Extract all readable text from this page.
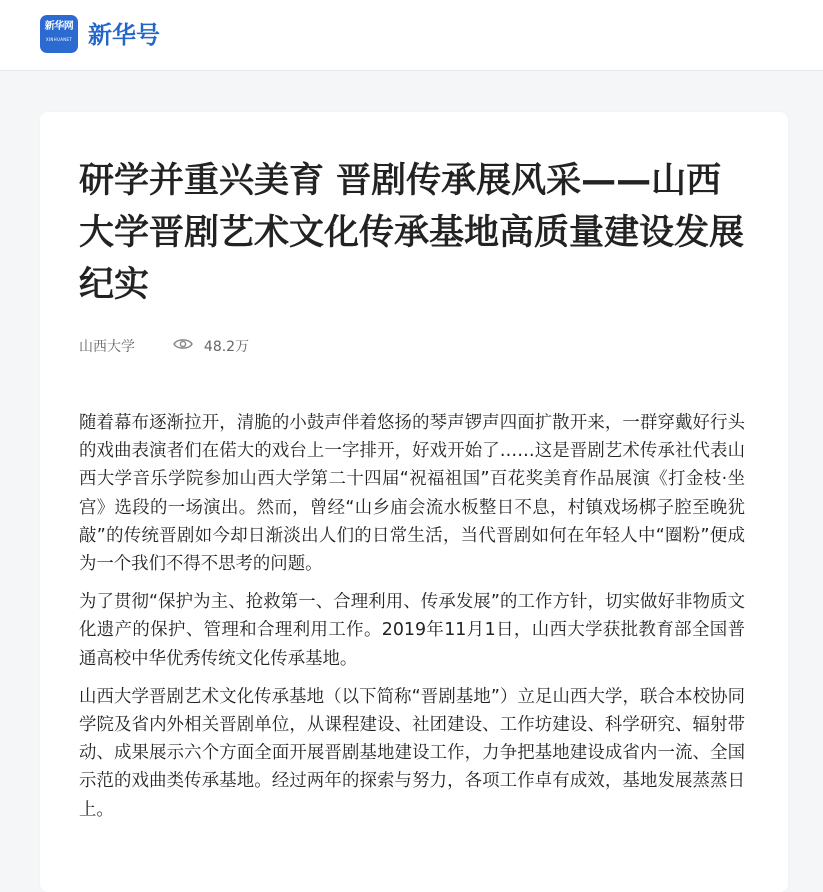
新华网
XINHUANET 新华号
研学并重兴美育 晋剧传承展风采——山西大学晋剧艺术文化传承基地高质量建设发展纪实
山西大学	48.2万

随着幕布逐渐拉开，清脆的小鼓声伴着悠扬的琴声锣声四面扩散开来，一群穿戴好行头的戏曲表演者们在偌大的戏台上一字排开，好戏开始了……这是晋剧艺术传承社代表山西大学音乐学院参加山西大学第二十四届“祝福祖国”百花奖美育作品展演《打金枝·坐宫》选段的一场演出。然而，曾经“山乡庙会流水板整日不息，村镇戏场梆子腔至晚犹敲”的传统晋剧如今却日渐淡出人们的日常生活，当代晋剧如何在年轻人中“圈粉”便成为一个我们不得不思考的问题。

为了贯彻“保护为主、抢救第一、合理利用、传承发展”的工作方针，切实做好非物质文化遗产的保护、管理和合理利用工作。2019年11月1日，山西大学获批教育部全国普通高校中华优秀传统文化传承基地。

山西大学晋剧艺术文化传承基地（以下简称“晋剧基地”）立足山西大学，联合本校协同学院及省内外相关晋剧单位，从课程建设、社团建设、工作坊建设、科学研究、辐射带动、成果展示六个方面全面开展晋剧基地建设工作，力争把基地建设成省内一流、全国示范的戏曲类传承基地。经过两年的探索与努力，各项工作卓有成效，基地发展蒸蒸日上。
